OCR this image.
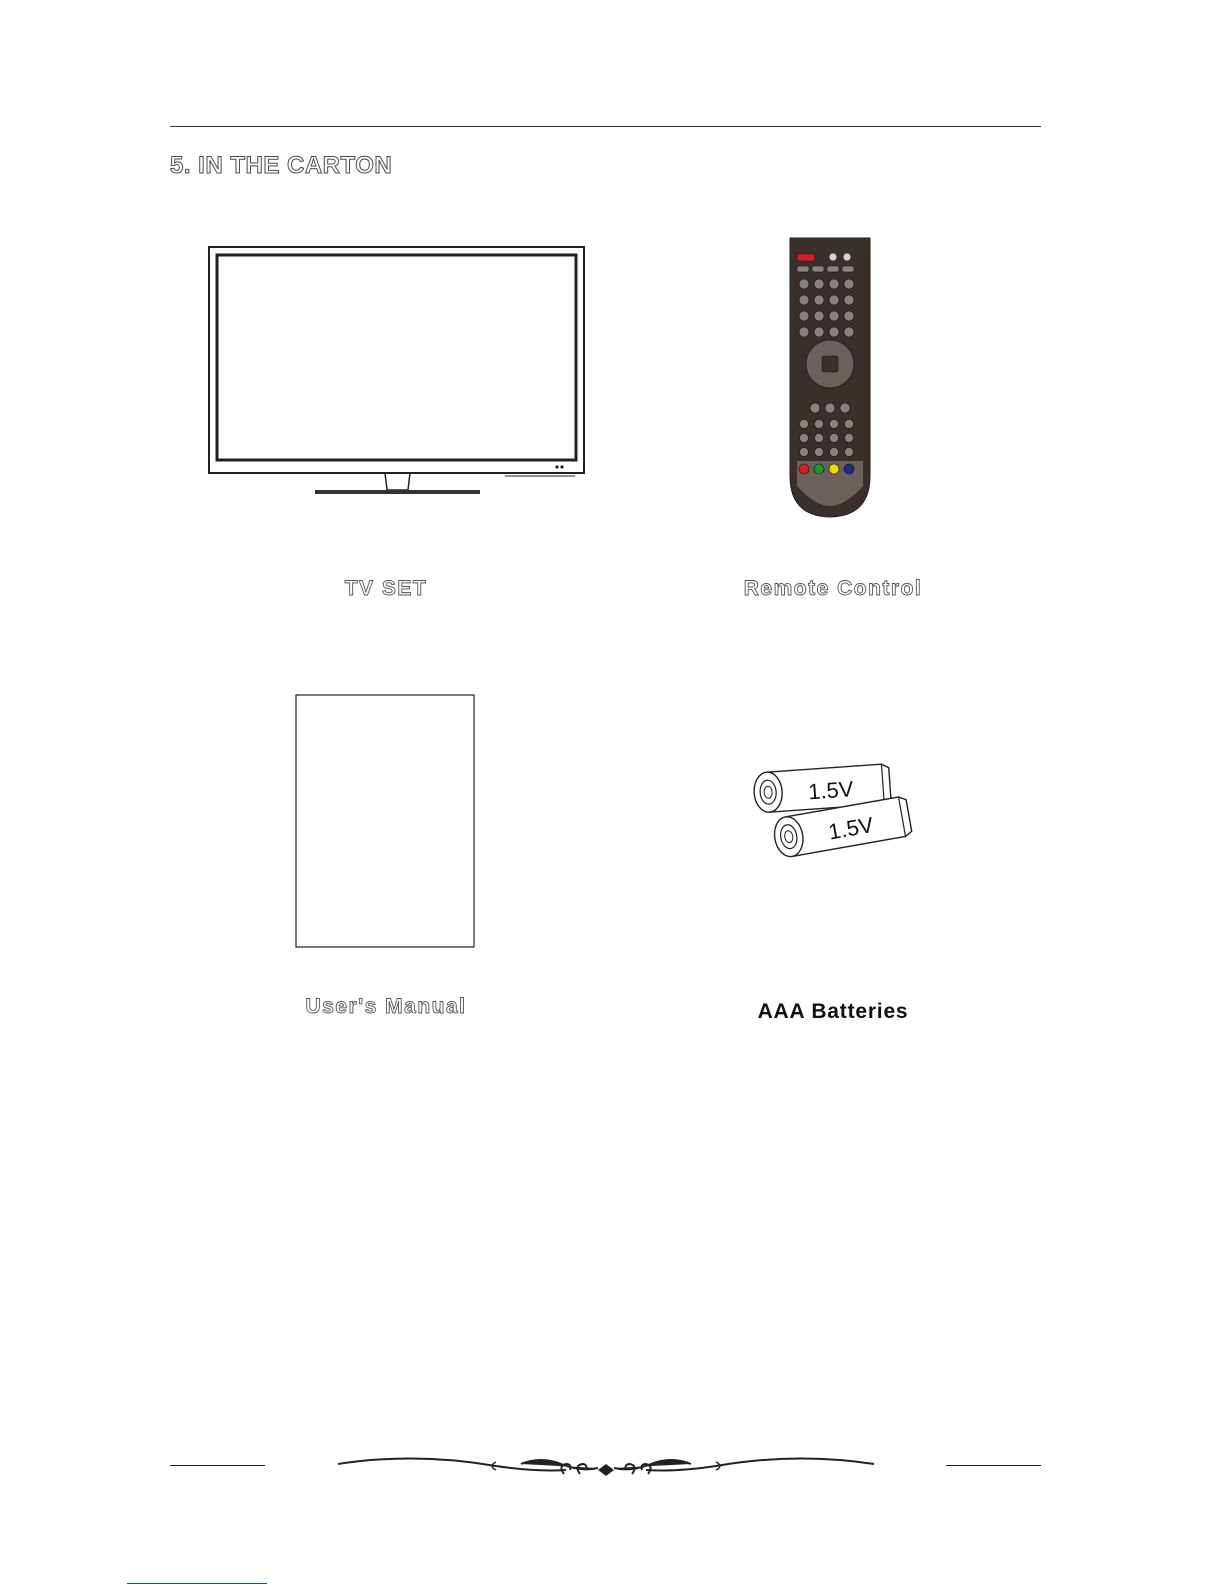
5. IN THE CARTON
1.5V
1.5V
TV SET	Remote Control
User's Manual	AAA Batteries
